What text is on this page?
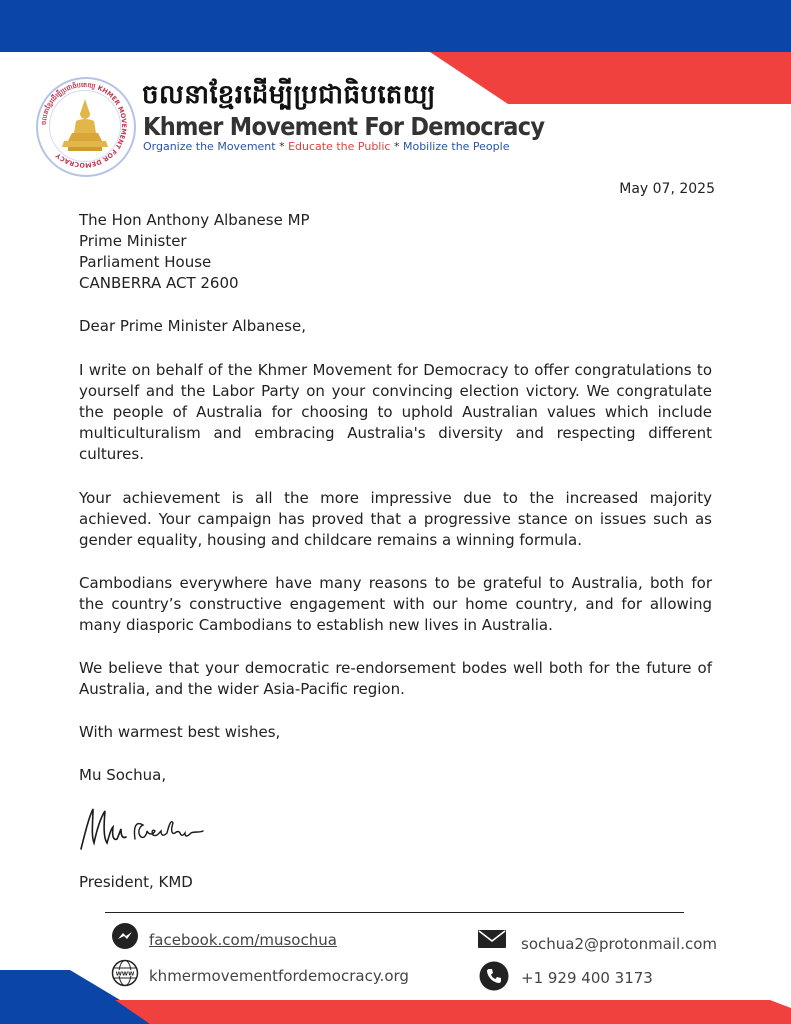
ចលនាខ្មែរដើម្បីប្រជាធិបតេយ្យ KHMER MOVEMENT FOR DEMOCRACY
ចលនាខ្មែរដើម្បីប្រជាធិបតេយ្យ
Khmer Movement For Democracy
Organize the Movement * Educate the Public * Mobilize the People
May 07, 2025
The Hon Anthony Albanese MP
Prime Minister
Parliament House
CANBERRA ACT 2600
Dear Prime Minister Albanese,
I write on behalf of the Khmer Movement for Democracy to offer congratulations to yourself and the Labor Party on your convincing election victory. We congratulate the people of Australia for choosing to uphold Australian values which include multiculturalism and embracing Australia's diversity and respecting different cultures.
Your achievement is all the more impressive due to the increased majority achieved. Your campaign has proved that a progressive stance on issues such as gender equality, housing and childcare remains a winning formula.
Cambodians everywhere have many reasons to be grateful to Australia, both for the country’s constructive engagement with our home country, and for allowing many diasporic Cambodians to establish new lives in Australia.
We believe that your democratic re-endorsement bodes well both for the future of Australia, and the wider Asia-Pacific region.
With warmest best wishes,
Mu Sochua,
President, KMD
facebook.com/musochua
WWW khmermovementfordemocracy.org
sochua2@protonmail.com
+1 929 400 3173
